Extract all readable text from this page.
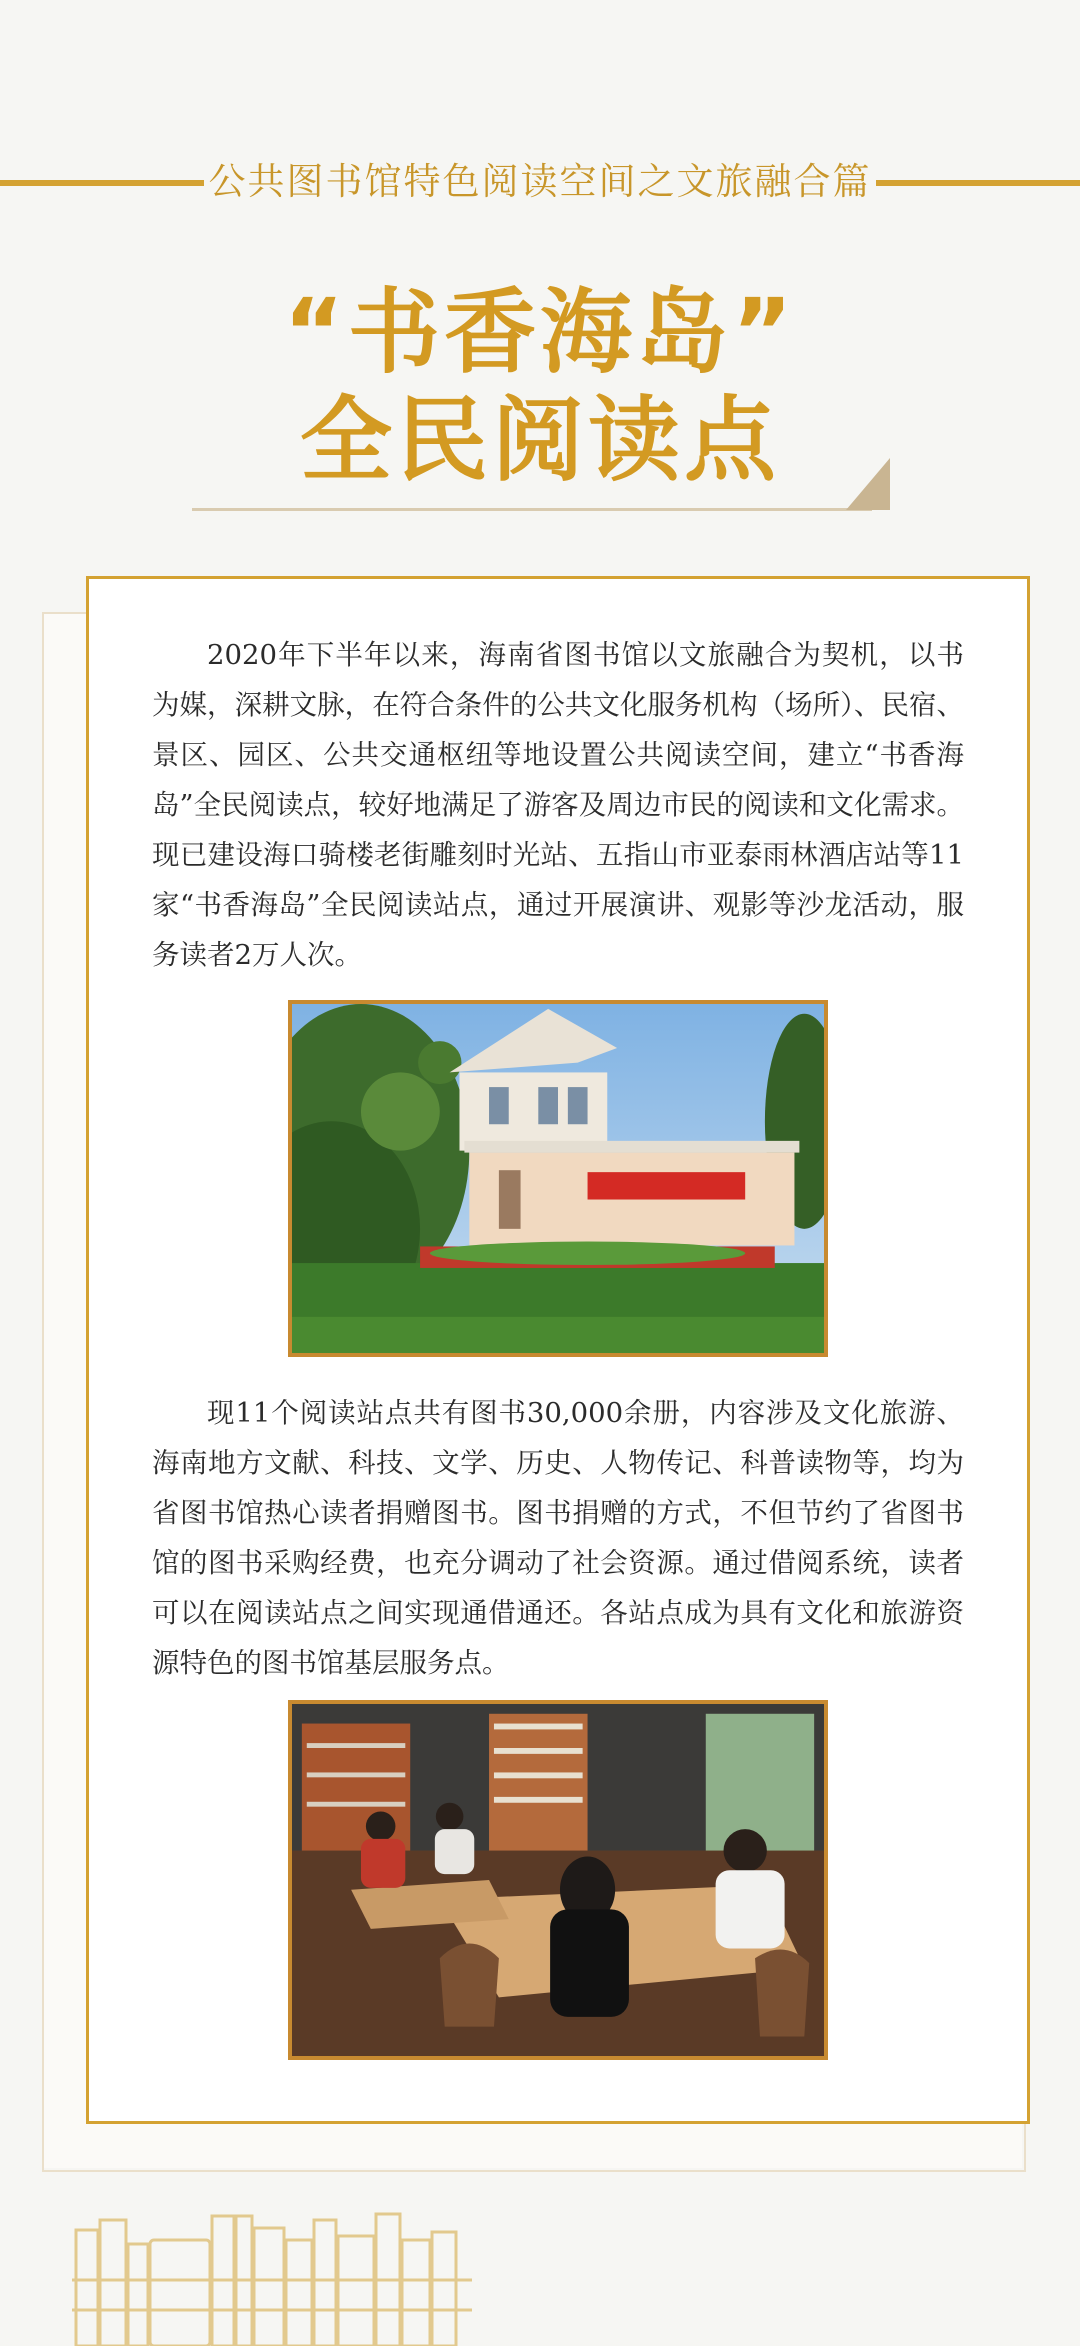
公共图书馆特色阅读空间之文旅融合篇
“书香海岛”
全民阅读点
2020年下半年以来，海南省图书馆以文旅融合为契机，以书为媒，深耕文脉，在符合条件的公共文化服务机构（场所）、民宿、景区、园区、公共交通枢纽等地设置公共阅读空间，建立“书香海岛”全民阅读点，较好地满足了游客及周边市民的阅读和文化需求。现已建设海口骑楼老街雕刻时光站、五指山市亚泰雨林酒店站等11家“书香海岛”全民阅读站点，通过开展演讲、观影等沙龙活动，服务读者2万人次。
现11个阅读站点共有图书30,000余册，内容涉及文化旅游、海南地方文献、科技、文学、历史、人物传记、科普读物等，均为省图书馆热心读者捐赠图书。图书捐赠的方式，不但节约了省图书馆的图书采购经费，也充分调动了社会资源。通过借阅系统，读者可以在阅读站点之间实现通借通还。各站点成为具有文化和旅游资源特色的图书馆基层服务点。
